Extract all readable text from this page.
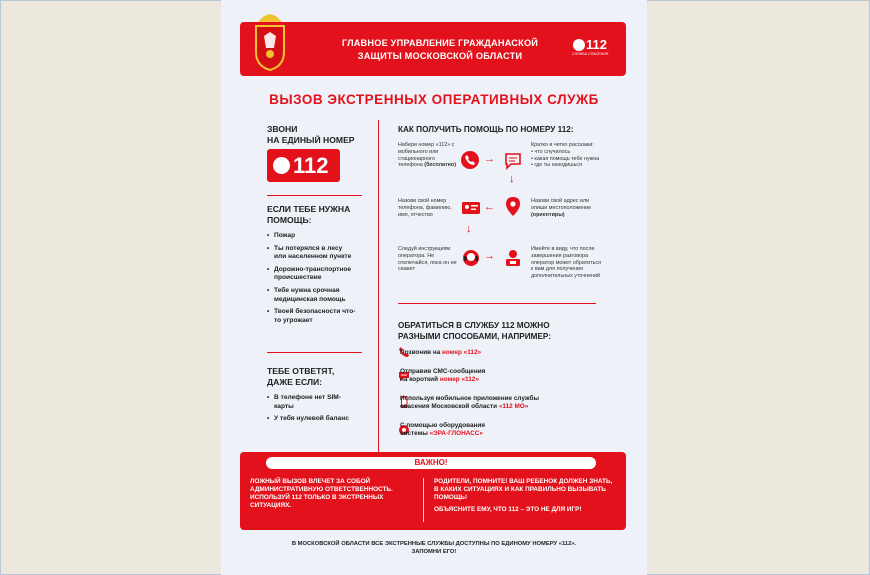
ГЛАВНОЕ УПРАВЛЕНИЕ ГРАЖДАНАСКОЙ
ЗАЩИТЫ МОСКОВСКОЙ ОБЛАСТИ
112
СЛУЖБА СПАСЕНИЯ
ВЫЗОВ ЭКСТРЕННЫХ ОПЕРАТИВНЫХ СЛУЖБ
ЗВОНИ
НА ЕДИНЫЙ НОМЕР
112
ЕСЛИ ТЕБЕ НУЖНА
ПОМОЩЬ:
• Пожар
• Ты потерялся в лесу или населенном пункте
• Дорожно-транспортное происшествие
• Тебе нужна срочная медицинская помощь
• Твоей безопасности что-то угрожает
ТЕБЕ ОТВЕТЯТ,
ДАЖЕ ЕСЛИ:
• В телефоне нет SIM-карты
• У тебя нулевой баланс
КАК ПОЛУЧИТЬ ПОМОЩЬ ПО НОМЕРУ 112:
Набери номер «112» с мобильного или стационарного телефона (бесплатно)
→
Кратко и четко расскажи:
• что случилось
• какая помощь тебе нужна
• где ты находишься
↓
Назови свой номер телефона, фамилию, имя, отчество
←	Назови свой адрес или опиши местоположение (ориентиры)
↓
Следуй инструкциям оператора. Не отключайся, пока он не скажет
→
Имейте в виду, что после завершения разговора оператор может обратиться к вам для получения дополнительных уточнений
ОБРАТИТЬСЯ В СЛУЖБУ 112 МОЖНО
РАЗНЫМИ СПОСОБАМИ, НАПРИМЕР:
Позвонив на номер «112»
Отправив СМС-сообщения
на короткий номер «112»
Используя мобильное приложение службы
спасения Московской области «112 МО»
С помощью оборудования
системы «ЭРА-ГЛОНАСС»
ВАЖНО!
ЛОЖНЫЙ ВЫЗОВ ВЛЕЧЕТ ЗА СОБОЙ АДМИНИСТРАТИВНУЮ ОТВЕТСТВЕННОСТЬ. ИСПОЛЬЗУЙ 112 ТОЛЬКО В ЭКСТРЕННЫХ СИТУАЦИЯХ.
РОДИТЕЛИ, ПОМНИТЕ! ВАШ РЕБЕНОК ДОЛЖЕН ЗНАТЬ, В КАКИХ СИТУАЦИЯХ И КАК ПРАВИЛЬНО ВЫЗЫВАТЬ ПОМОЩЬ!
ОБЪЯСНИТЕ ЕМУ, ЧТО 112 – ЭТО НЕ ДЛЯ ИГР!
В МОСКОВСКОЙ ОБЛАСТИ ВСЕ ЭКСТРЕННЫЕ СЛУЖБЫ ДОСТУПНЫ ПО ЕДИНОМУ НОМЕРУ «112».
ЗАПОМНИ ЕГО!
